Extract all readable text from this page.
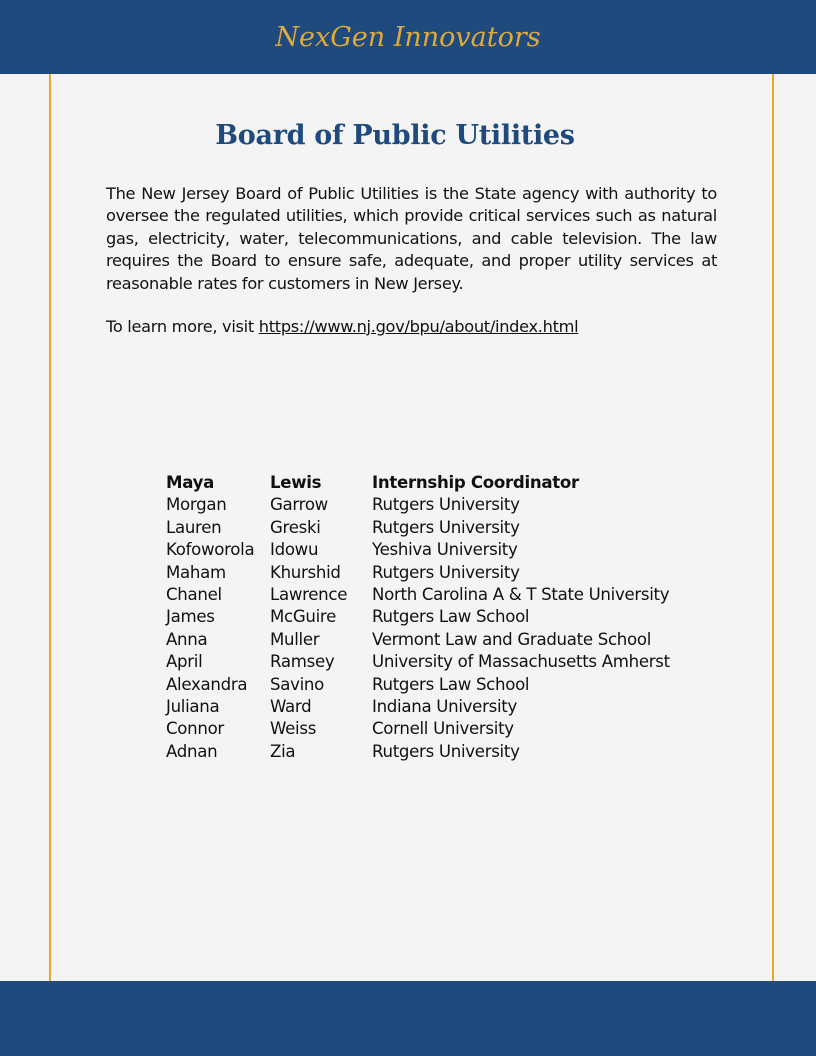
NexGen Innovators
Board of Public Utilities

The New Jersey Board of Public Utilities is the State agency with authority to oversee the regulated utilities, which provide critical services such as natural gas, electricity, water, telecommunications, and cable television. The law requires the Board to ensure safe, adequate, and proper utility services at reasonable rates for customers in New Jersey.

To learn more, visit https://www.nj.gov/bpu/about/index.html

Maya	Lewis	Internship Coordinator
Morgan	Garrow	Rutgers University
Lauren	Greski	Rutgers University
Kofoworola	Idowu	Yeshiva University
Maham	Khurshid	Rutgers University
Chanel	Lawrence	North Carolina A & T State University
James	McGuire	Rutgers Law School
Anna	Muller	Vermont Law and Graduate School
April	Ramsey	University of Massachusetts Amherst
Alexandra	Savino	Rutgers Law School
Juliana	Ward	Indiana University
Connor	Weiss	Cornell University
Adnan	Zia	Rutgers University
